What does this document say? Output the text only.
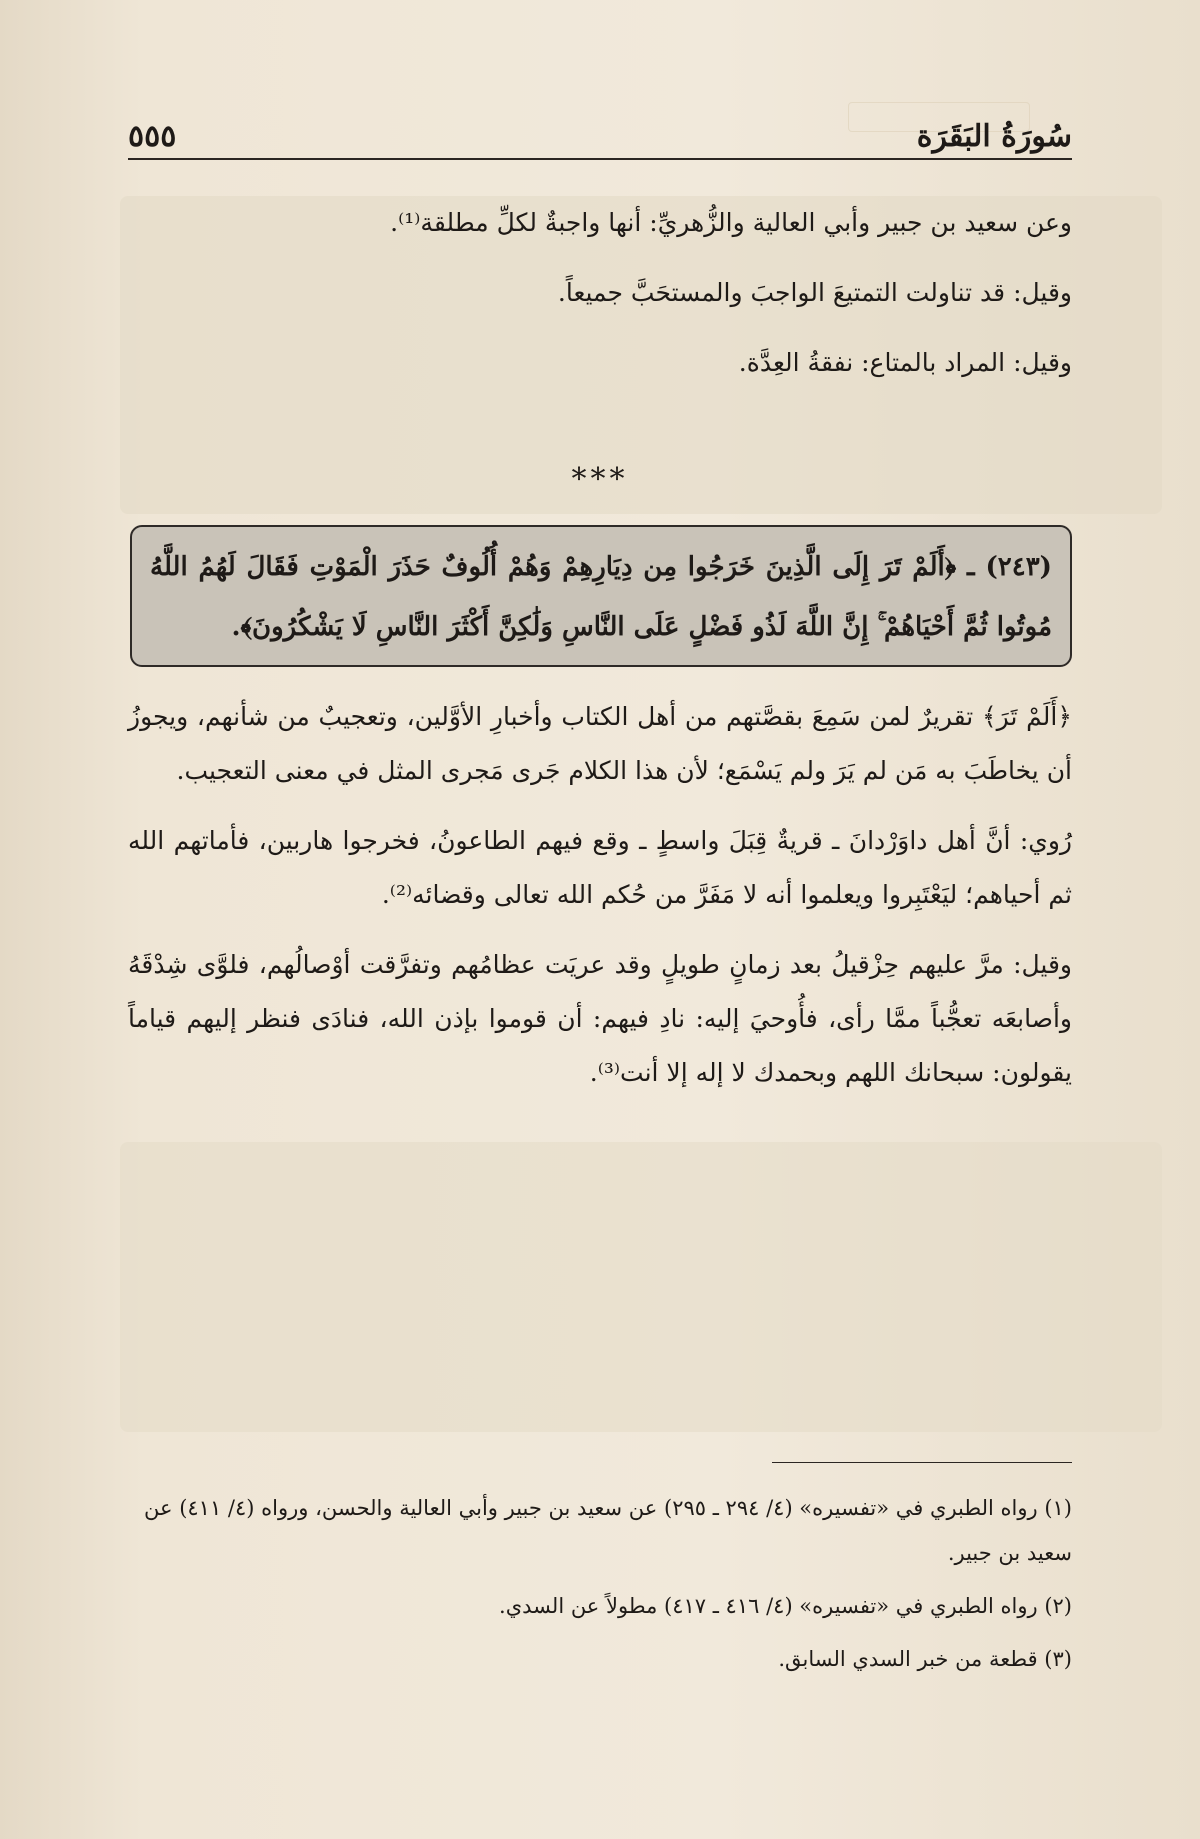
سُورَةُ البَقَرَة
٥٥٥

وعن سعيد بن جبير وأبي العالية والزُّهريِّ: أنها واجبةٌ لكلِّ مطلقة⁽¹⁾.

وقيل: قد تناولت التمتيعَ الواجبَ والمستحَبَّ جميعاً.

وقيل: المراد بالمتاع: نفقةُ العِدَّة.

***
(٢٤٣) ـ ﴿أَلَمْ تَرَ إِلَى الَّذِينَ خَرَجُوا مِن دِيَارِهِمْ وَهُمْ أُلُوفٌ حَذَرَ الْمَوْتِ فَقَالَ لَهُمُ اللَّهُ مُوتُوا ثُمَّ أَحْيَاهُمْ ۚ إِنَّ اللَّهَ لَذُو فَضْلٍ عَلَى النَّاسِ وَلَٰكِنَّ أَكْثَرَ النَّاسِ لَا يَشْكُرُونَ﴾.

﴿أَلَمْ تَرَ﴾ تقريرٌ لمن سَمِعَ بقصَّتهم من أهل الكتاب وأخبارِ الأوَّلين، وتعجيبٌ من شأنهم، ويجوزُ أن يخاطَبَ به مَن لم يَرَ ولم يَسْمَع؛ لأن هذا الكلام جَرى مَجرى المثل في معنى التعجيب.

رُوي: أنَّ أهل داوَرْدانَ ـ قريةٌ قِبَلَ واسطٍ ـ وقع فيهم الطاعونُ، فخرجوا هاربين، فأماتهم الله ثم أحياهم؛ ليَعْتَبِروا ويعلموا أنه لا مَفَرَّ من حُكم الله تعالى وقضائه⁽²⁾.

وقيل: مرَّ عليهم حِزْقيلُ بعد زمانٍ طويلٍ وقد عريَت عظامُهم وتفرَّقت أوْصالُهم، فلوَّى شِدْقَهُ وأصابعَه تعجُّباً ممَّا رأى، فأُوحيَ إليه: نادِ فيهم: أن قوموا بإذن الله، فنادَى فنظر إليهم قياماً يقولون: سبحانك اللهم وبحمدك لا إله إلا أنت⁽³⁾.

(١) رواه الطبري في «تفسيره» (٤/ ٢٩٤ ـ ٢٩٥) عن سعيد بن جبير وأبي العالية والحسن، ورواه (٤/ ٤١١) عن سعيد بن جبير.
(٢) رواه الطبري في «تفسيره» (٤/ ٤١٦ ـ ٤١٧) مطولاً عن السدي.
(٣) قطعة من خبر السدي السابق.
